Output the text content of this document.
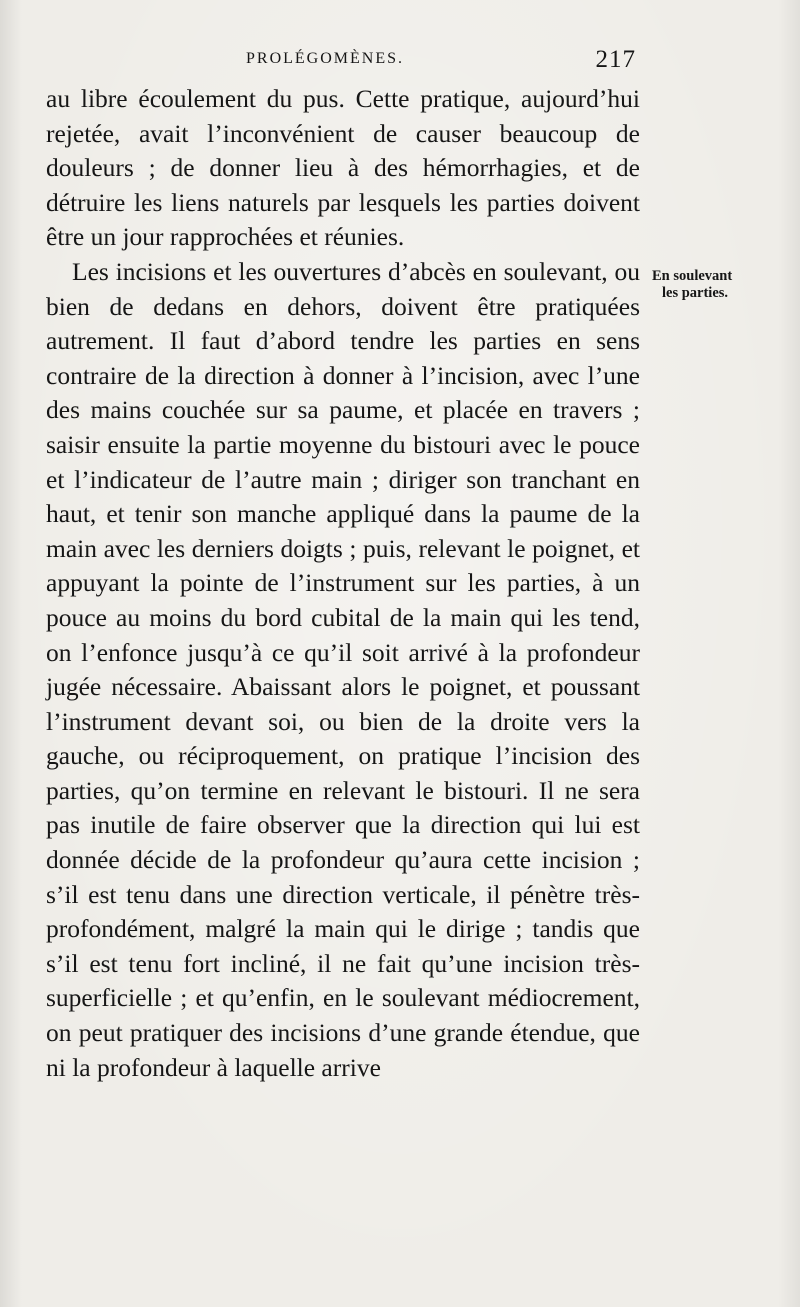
PROLÉGOMÈNES.	217

au libre écoulement du pus. Cette pratique, aujourd’hui rejetée, avait l’inconvénient de causer beaucoup de douleurs ; de donner lieu à des hémorrhagies, et de détruire les liens naturels par lesquels les parties doivent être un jour rapprochées et réunies.

Les incisions et les ouvertures d’abcès en soulevant, ou bien de dedans en dehors, doivent être pratiquées autrement. Il faut d’abord tendre les parties en sens contraire de la direction à donner à l’incision, avec l’une des mains couchée sur sa paume, et placée en travers ; saisir ensuite la partie moyenne du bistouri avec le pouce et l’indicateur de l’autre main ; diriger son tranchant en haut, et tenir son manche appliqué dans la paume de la main avec les derniers doigts ; puis, relevant le poignet, et appuyant la pointe de l’instrument sur les parties, à un pouce au moins du bord cubital de la main qui les tend, on l’enfonce jusqu’à ce qu’il soit arrivé à la profondeur jugée nécessaire. Abaissant alors le poignet, et poussant l’instrument devant soi, ou bien de la droite vers la gauche, ou réciproquement, on pratique l’incision des parties, qu’on termine en relevant le bistouri. Il ne sera pas inutile de faire observer que la direction qui lui est donnée décide de la profondeur qu’aura cette incision ; s’il est tenu dans une direction verticale, il pénètre très-profondément, malgré la main qui le dirige ; tandis que s’il est tenu fort incliné, il ne fait qu’une incision très-superficielle ; et qu’enfin, en le soulevant médiocrement, on peut pratiquer des incisions d’une grande étendue, que ni la profondeur à laquelle arrive

En soulevant
les parties.
